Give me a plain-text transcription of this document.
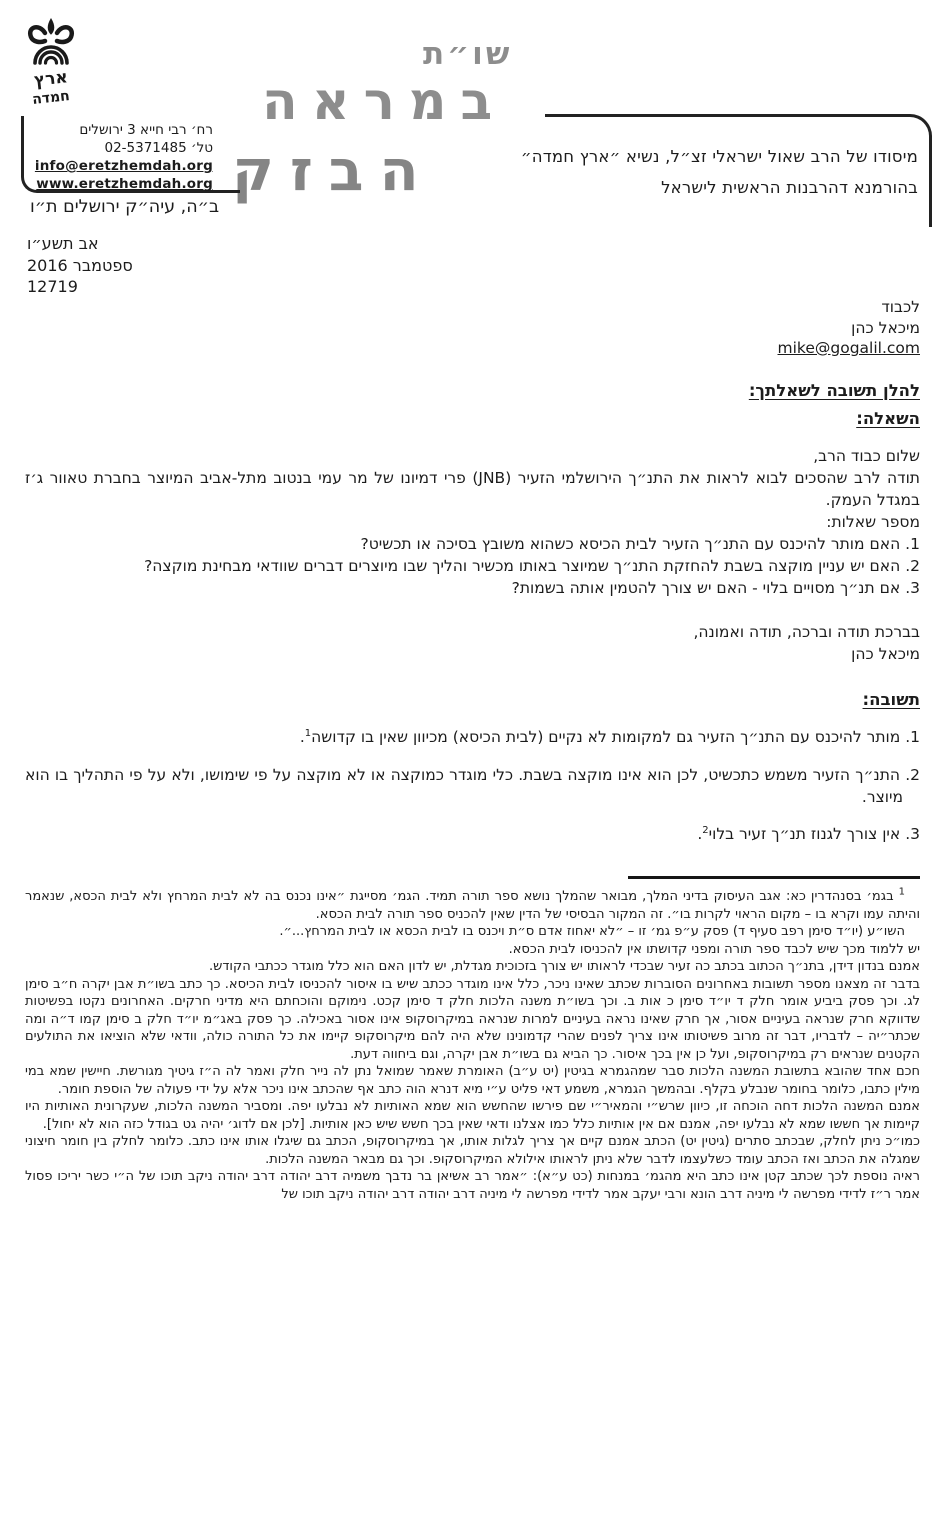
ארץ
חמדה
שו״ת
במראה
הבזק
רח׳ רבי חייא 3 ירושלים
טל׳ 02-5371485
info@eretzhemdah.org
www.eretzhemdah.org
ב״ה, עיה״ק ירושלים ת״ו
מיסודו של הרב שאול ישראלי זצ״ל, נשיא ״ארץ חמדה״
בהורמנא דהרבנות הראשית לישראל
אב תשע״ו
ספטמבר 2016
12719
לכבוד
מיכאל כהן
mike@gogalil.com
להלן תשובה לשאלתך:
השאלה:

שלום כבוד הרב,

תודה לרב שהסכים לבוא לראות את התנ״ך הירושלמי הזעיר (JNB) פרי דמיונו של מר עמי בנטוב מתל-אביב המיוצר בחברת טאוור ג׳ז במגדל העמק.

מספר שאלות:

1. האם מותר להיכנס עם התנ״ך הזעיר לבית הכיסא כשהוא משובץ בסיכה או תכשיט?

2. האם יש עניין מוקצה בשבת להחזקת התנ״ך שמיוצר באותו מכשיר והליך שבו מיוצרים דברים שוודאי מבחינת מוקצה?

3. אם תנ״ך מסויים בלוי - האם יש צורך להטמין אותה בשמות?

בברכת תודה וברכה, תודה ואמונה,
מיכאל כהן
תשובה:

1. מותר להיכנס עם התנ״ך הזעיר גם למקומות לא נקיים (לבית הכיסא) מכיוון שאין בו קדושה$^1$.

2. התנ״ך הזעיר משמש כתכשיט, לכן הוא אינו מוקצה בשבת. כלי מוגדר כמוקצה או לא מוקצה על פי שימושו, ולא על פי התהליך בו הוא מיוצר.

3. אין צורך לגנוז תנ״ך זעיר בלוי$^2$.

$^1$ בגמ׳ בסנהדרין כא: אגב העיסוק בדיני המלך, מבואר שהמלך נושא ספר תורה תמיד. הגמ׳ מסייגת ״אינו נכנס בה לא לבית המרחץ ולא לבית הכסא, שנאמר והיתה עמו וקרא בו – מקום הראוי לקרות בו״. זה המקור הבסיסי של הדין שאין להכניס ספר תורה לבית הכסא.

השו״ע (יו״ד סימן רפב סעיף ד) פסק ע״פ גמ׳ זו – ״לא יאחוז אדם ס״ת ויכנס בו לבית הכסא או לבית המרחץ...״.

יש ללמוד מכך שיש לכבד ספר תורה ומפני קדושתו אין להכניסו לבית הכסא.

אמנם בנדון דידן, בתנ״ך הכתוב בכתב כה זעיר שבכדי לראותו יש צורך בזכוכית מגדלת, יש לדון האם הוא כלל מוגדר ככתבי הקודש.

בדבר זה מצאנו מספר תשובות באחרונים הסוברות שכתב שאינו ניכר, כלל אינו מוגדר ככתב שיש בו איסור להכניסו לבית הכיסא. כך כתב בשו״ת אבן יקרה ח״ב סימן לג. וכך פסק ביביע אומר חלק ד יו״ד סימן כ אות ב. וכך בשו״ת משנה הלכות חלק ד סימן קכט. נימוקם והוכחתם היא מדיני חרקים. האחרונים נקטו בפשיטות שדווקא חרק שנראה בעיניים אסור, אך חרק שאינו נראה בעיניים למרות שנראה במיקרוסקופ אינו אסור באכילה. כך פסק באג״מ יו״ד חלק ב סימן קמו ד״ה ומה שכתר״יה – לדבריו, דבר זה מרוב פשיטותו אינו צריך לפנים שהרי קדמונינו שלא היה להם מיקרוסקופ קיימו את כל התורה כולה, וודאי שלא הוציאו את התולעים הקטנים שנראים רק במיקרוסקופ, ועל כן אין בכך איסור. כך הביא גם בשו״ת אבן יקרה, וגם ביחווה דעת.

חכם אחד שהובא בתשובת המשנה הלכות סבר שמהגמרא בגיטין (יט ע״ב) האומרת שאמר שמואל נתן לה נייר חלק ואמר לה ה״ז גיטיך מגורשת. חיישין שמא במי מילין כתבו, כלומר בחומר שנבלע בקלף. ובהמשך הגמרא, משמע דאי פליט ע״י מיא דנרא הוה כתב אף שהכתב אינו ניכר אלא על ידי פעולה של הוספת חומר.

אמנם המשנה הלכות דחה הוכחה זו, כיוון שרש״י והמאיר״י שם פירשו שהחשש הוא שמא האותיות לא נבלעו יפה. ומסביר המשנה הלכות, שעקרונית האותיות היו קיימות אך חששו שמא לא נבלעו יפה, אמנם אם אין אותיות כלל כמו אצלנו ודאי שאין בכך חשש שיש כאן אותיות. [לכן אם לדוג׳ יהיה גט בגודל כזה הוא לא יחול].

כמו״כ ניתן לחלק, שבכתב סתרים (גיטין יט) הכתב אמנם קיים אך צריך לגלות אותו, אך במיקרוסקופ, הכתב גם שיגלו אותו אינו כתב. כלומר לחלק בין חומר חיצוני שמגלה את הכתב ואז הכתב עומד כשלעצמו לדבר שלא ניתן לראותו אילולא המיקרוסקופ. וכך גם מבאר המשנה הלכות.

ראיה נוספת לכך שכתב קטן אינו כתב היא מהגמ׳ במנחות (כט ע״א): ״אמר רב אשיאן בר נדבך משמיה דרב יהודה דרב יהודה ניקב תוכו של ה״י כשר יריכו פסול אמר ר״ז לדידי מפרשה לי מיניה דרב הונא ורבי יעקב אמר לדידי מפרשה לי מיניה דרב יהודה דרב יהודה ניקב תוכו של
